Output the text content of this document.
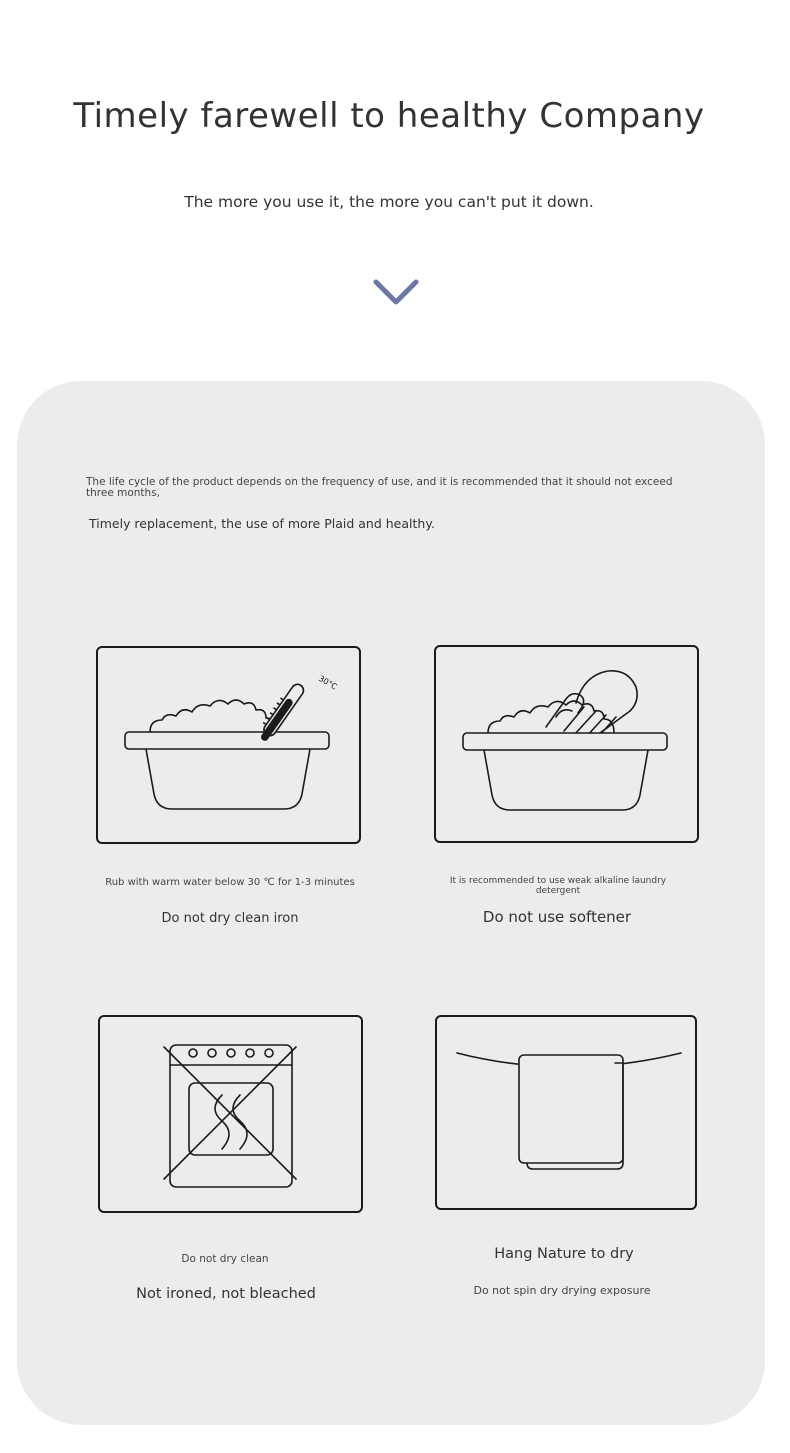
Timely farewell to healthy Company
The more you use it, the more you can't put it down.
The life cycle of the product depends on the frequency of use, and it is recommended that it should not exceed three months,
Timely replacement, the use of more Plaid and healthy.
30°C
Rub with warm water below 30 ℃ for 1-3 minutes
Do not dry clean iron
It is recommended to use weak alkaline laundry detergent
Do not use softener
Do not dry clean
Not ironed, not bleached
Hang Nature to dry
Do not spin dry drying exposure
